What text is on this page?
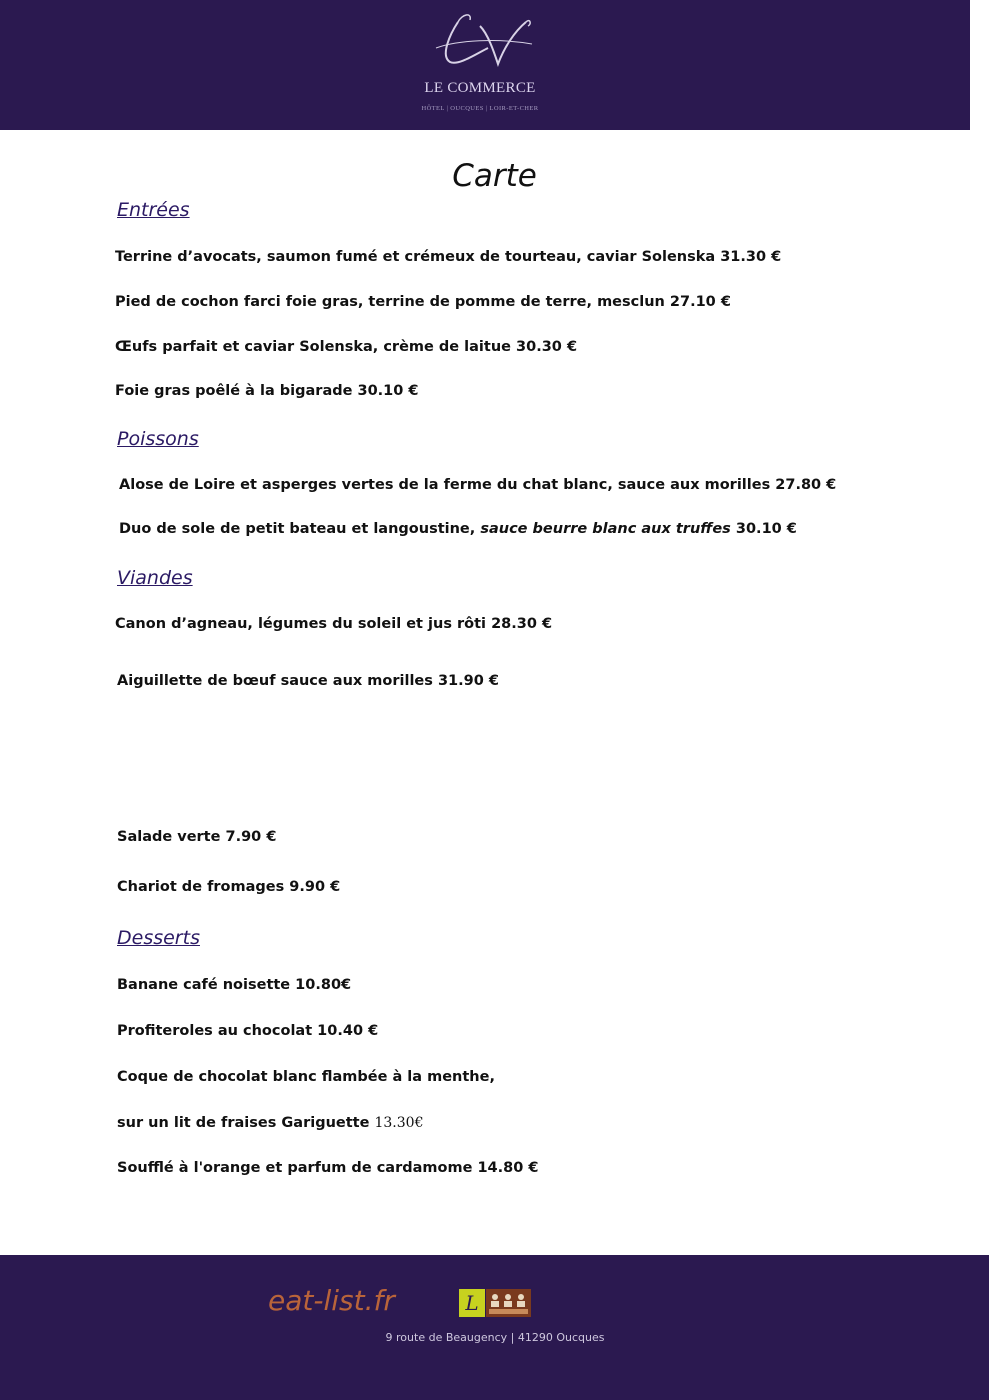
LV
LE COMMERCE
HÔTEL | OUCQUES | LOIR-ET-CHER
Carte
Entrées
Terrine d’avocats, saumon fumé et crémeux de tourteau, caviar Solenska 31.30 €
Pied de cochon farci foie gras, terrine de pomme de terre, mesclun 27.10 €
Œufs parfait et caviar Solenska, crème de laitue 30.30 €
Foie gras poêlé à la bigarade 30.10 €
Poissons
Alose de Loire et asperges vertes de la ferme du chat blanc, sauce aux morilles 27.80 €
Duo de sole de petit bateau et langoustine, sauce beurre blanc aux truffes 30.10 €
Viandes
Canon d’agneau, légumes du soleil et jus rôti 28.30 €
Aiguillette de bœuf sauce aux morilles 31.90 €
Salade verte 7.90 €
Chariot de fromages 9.90 €
Desserts
Banane café noisette 10.80€
Profiteroles au chocolat 10.40 €
Coque de chocolat blanc flambée à la menthe,
sur un lit de fraises Gariguette 13.30€
Soufflé à l'orange et parfum de cardamome 14.80 €
eat-list.fr	L
9 route de Beaugency | 41290 Oucques
